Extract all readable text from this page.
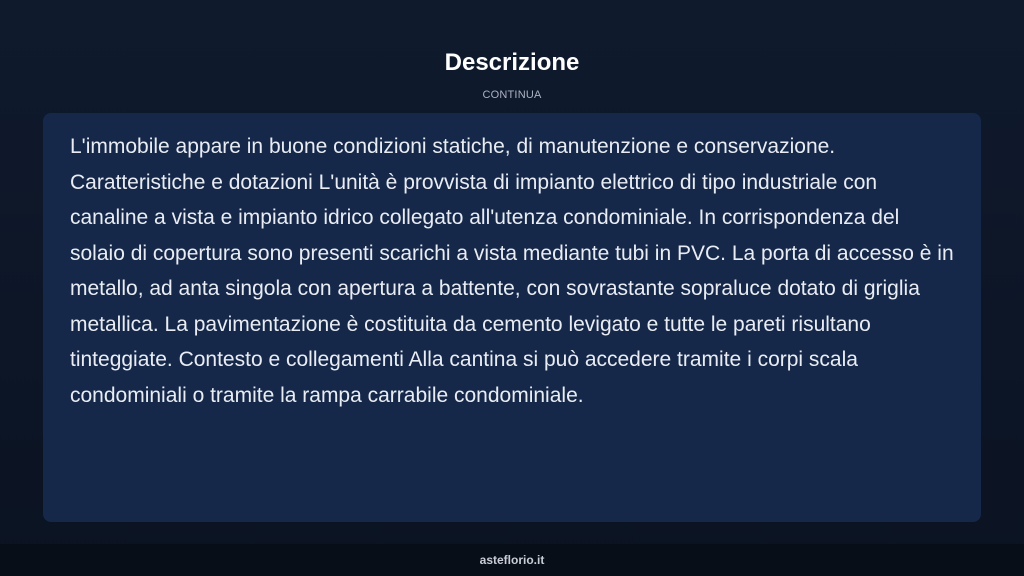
Descrizione
CONTINUA

L'immobile appare in buone condizioni statiche, di manutenzione e conservazione. Caratteristiche e dotazioni L'unità è provvista di impianto elettrico di tipo industriale con canaline a vista e impianto idrico collegato all'utenza condominiale. In corrispondenza del solaio di copertura sono presenti scarichi a vista mediante tubi in PVC. La porta di accesso è in metallo, ad anta singola con apertura a battente, con sovrastante sopraluce dotato di griglia metallica. La pavimentazione è costituita da cemento levigato e tutte le pareti risultano tinteggiate. Contesto e collegamenti Alla cantina si può accedere tramite i corpi scala condominiali o tramite la rampa carrabile condominiale.

asteflorio.it
